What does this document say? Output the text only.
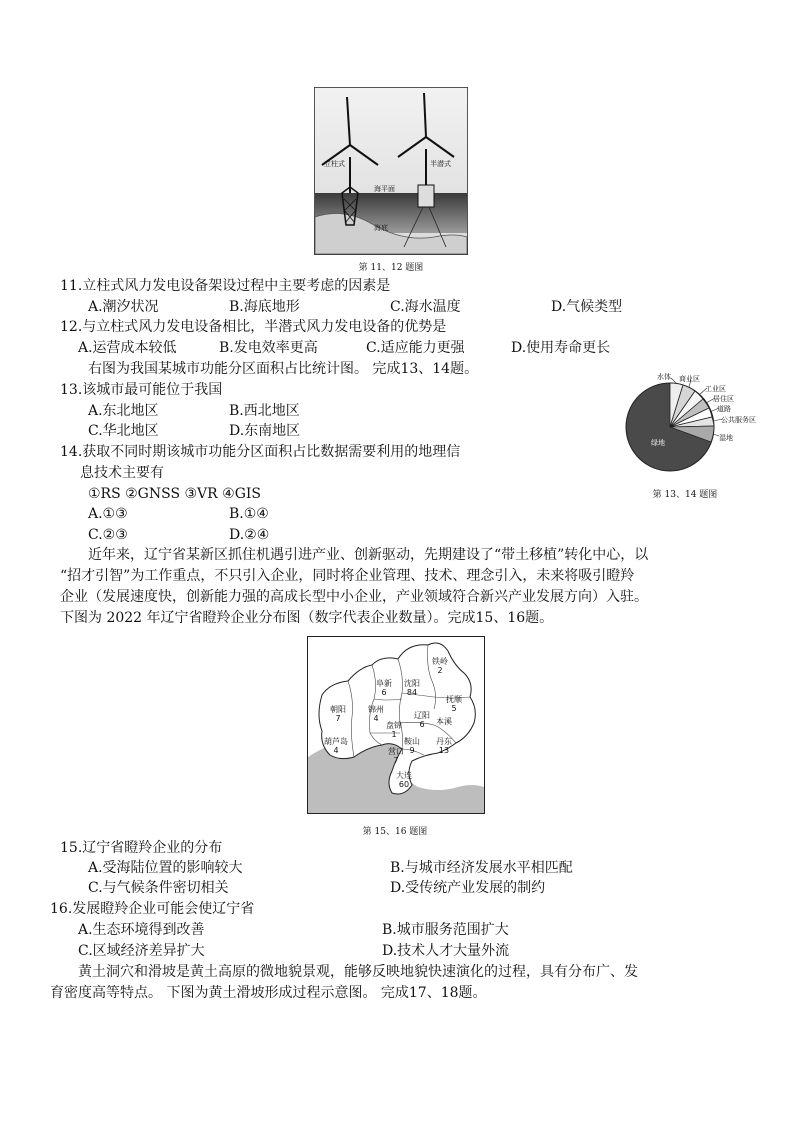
立柱式	半潜式
海平面
海底
第 11、12 题图
11.立柱式风力发电设备架设过程中主要考虑的因素是
A.潮汐状况	B.海底地形	C.海水温度	D.气候类型
12.与立柱式风力发电设备相比，半潜式风力发电设备的优势是
A.运营成本较低	B.发电效率更高	C.适应能力更强	D.使用寿命更长
右图为我国某城市功能分区面积占比统计图。 完成13、14题。
13.该城市最可能位于我国
A.东北地区	B.西北地区
C.华北地区	D.东南地区
14.获取不同时期该城市功能分区面积占比数据需要利用的地理信
息技术主要有
①RS ②GNSS ③VR ④GIS
A.①③	B.①④
C.②③	D.②④
水体 商业区
工业区
居住区
道路
公共服务区
绿地
湿地
第 13、14 题图
近年来，辽宁省某新区抓住机遇引进产业、创新驱动，先期建设了“带土移植”转化中心，以
“招才引智”为工作重点，不只引入企业，同时将企业管理、技术、理念引入，未来将吸引瞪羚
企业（发展速度快，创新能力强的高成长型中小企业，产业领域符合新兴产业发展方向）入驻。
下图为 2022 年辽宁省瞪羚企业分布图（数字代表企业数量）。完成15、16题。
铁岭
2
阜新
6
沈阳
84
抚顺
5
朝阳
7
锦州
4
盘锦
1
辽阳
6
鞍山
9
本溪
葫芦岛
4	营口
7
丹东
13
大连
60
第 15、16 题图
15.辽宁省瞪羚企业的分布
A.受海陆位置的影响较大	B.与城市经济发展水平相匹配
C.与气候条件密切相关	D.受传统产业发展的制约
16.发展瞪羚企业可能会使辽宁省
A.生态环境得到改善	B.城市服务范围扩大
C.区域经济差异扩大	D.技术人才大量外流
黄土洞穴和滑坡是黄土高原的微地貌景观，能够反映地貌快速演化的过程，具有分布广、发
育密度高等特点。 下图为黄土滑坡形成过程示意图。 完成17、18题。
